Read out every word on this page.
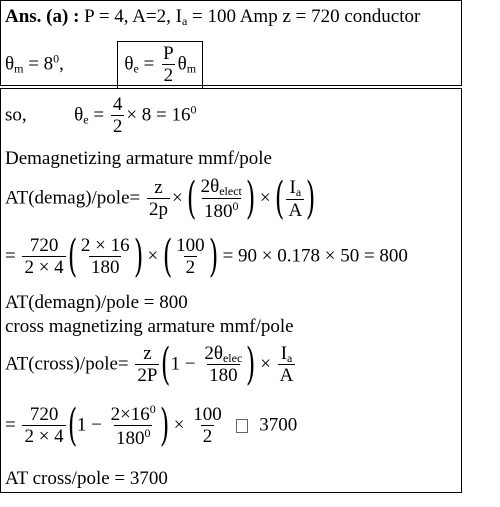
Ans. (a) : P = 4, A=2, $I_a = 100$ Amp z = 720 conductor
$\theta_m = 8^0$,	$\theta_e = \frac{P}{2} \theta_m$
so,	$\theta_e = \frac{4}{2} \times 8 = 16^0$
Demagnetizing armature mmf/pole
AT(demag)/pole= $\frac{z}{2p}$ × ( $\frac{2\theta_{elect}}{180^0}$ ) × ( $\frac{I_a}{A}$ )
= $\frac{720}{2 \times 4}$ ( $\frac{2 \times 16}{180}$ ) × ( $\frac{100}{2}$ ) = 90 × 0.178 × 50 = 800
AT(demagn)/pole = 800
cross magnetizing armature mmf/pole
AT(cross)/pole= $\frac{z}{2P} (1 - \frac{2\theta_{elec}}{180}$ ) × $\frac{I_a}{A}$
= $\frac{720}{2 \times 4} (1 - \frac{2\times 16^0}{180^0}$ ) × $\frac{100}{2} 3700$
AT cross/pole = 3700
